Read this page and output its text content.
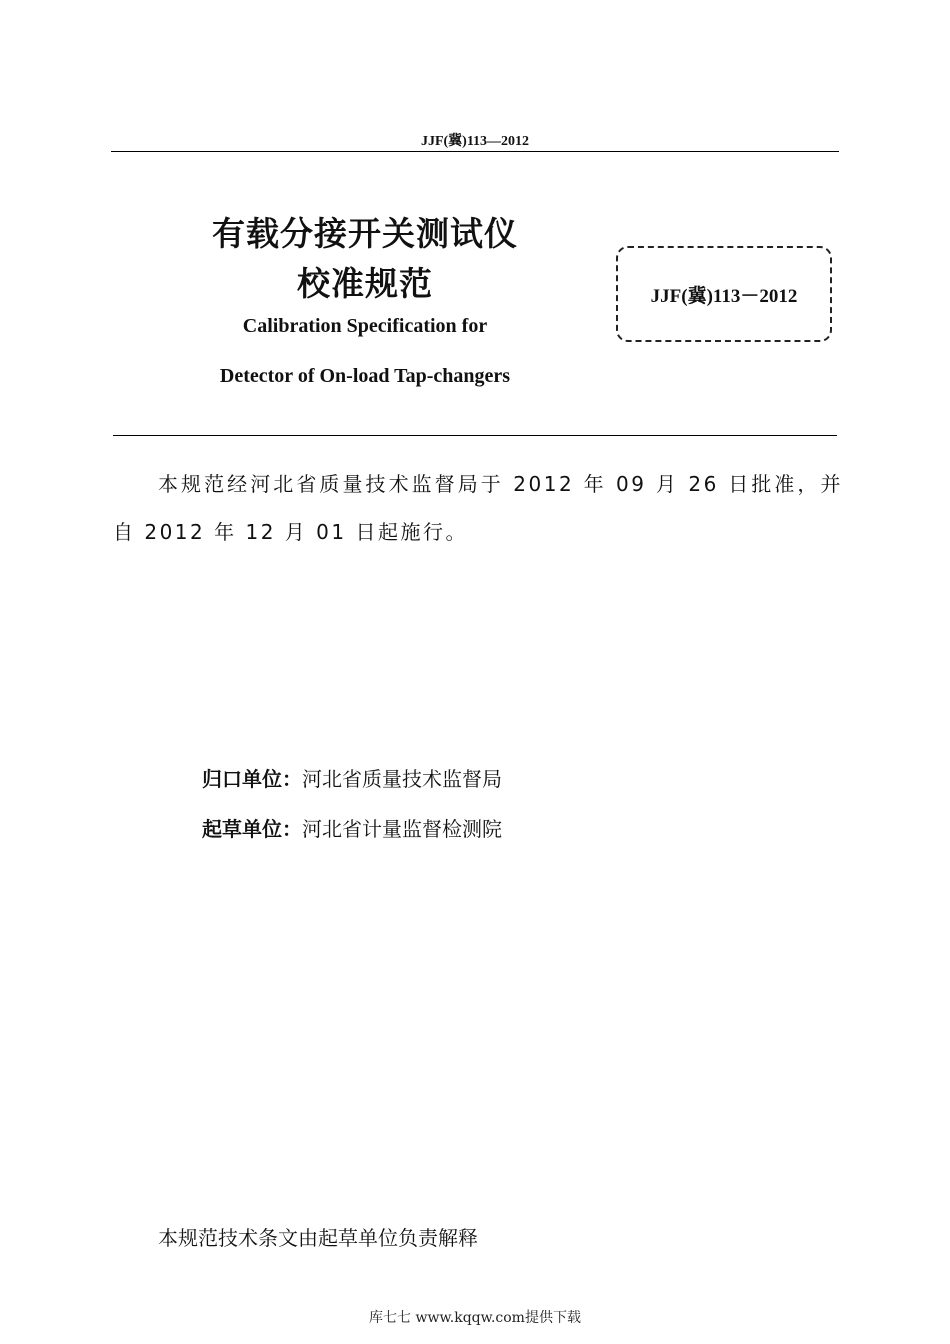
JJF(冀)113—2012
有载分接开关测试仪
校准规范
Calibration Specification for
Detector of On-load Tap-changers
JJF(冀)113－2012
本规范经河北省质量技术监督局于 2012 年 09 月 26 日批准，并自 2012 年 12 月 01 日起施行。
归口单位：河北省质量技术监督局
起草单位：河北省计量监督检测院
本规范技术条文由起草单位负责解释
库七七 www.kqqw.com提供下载
